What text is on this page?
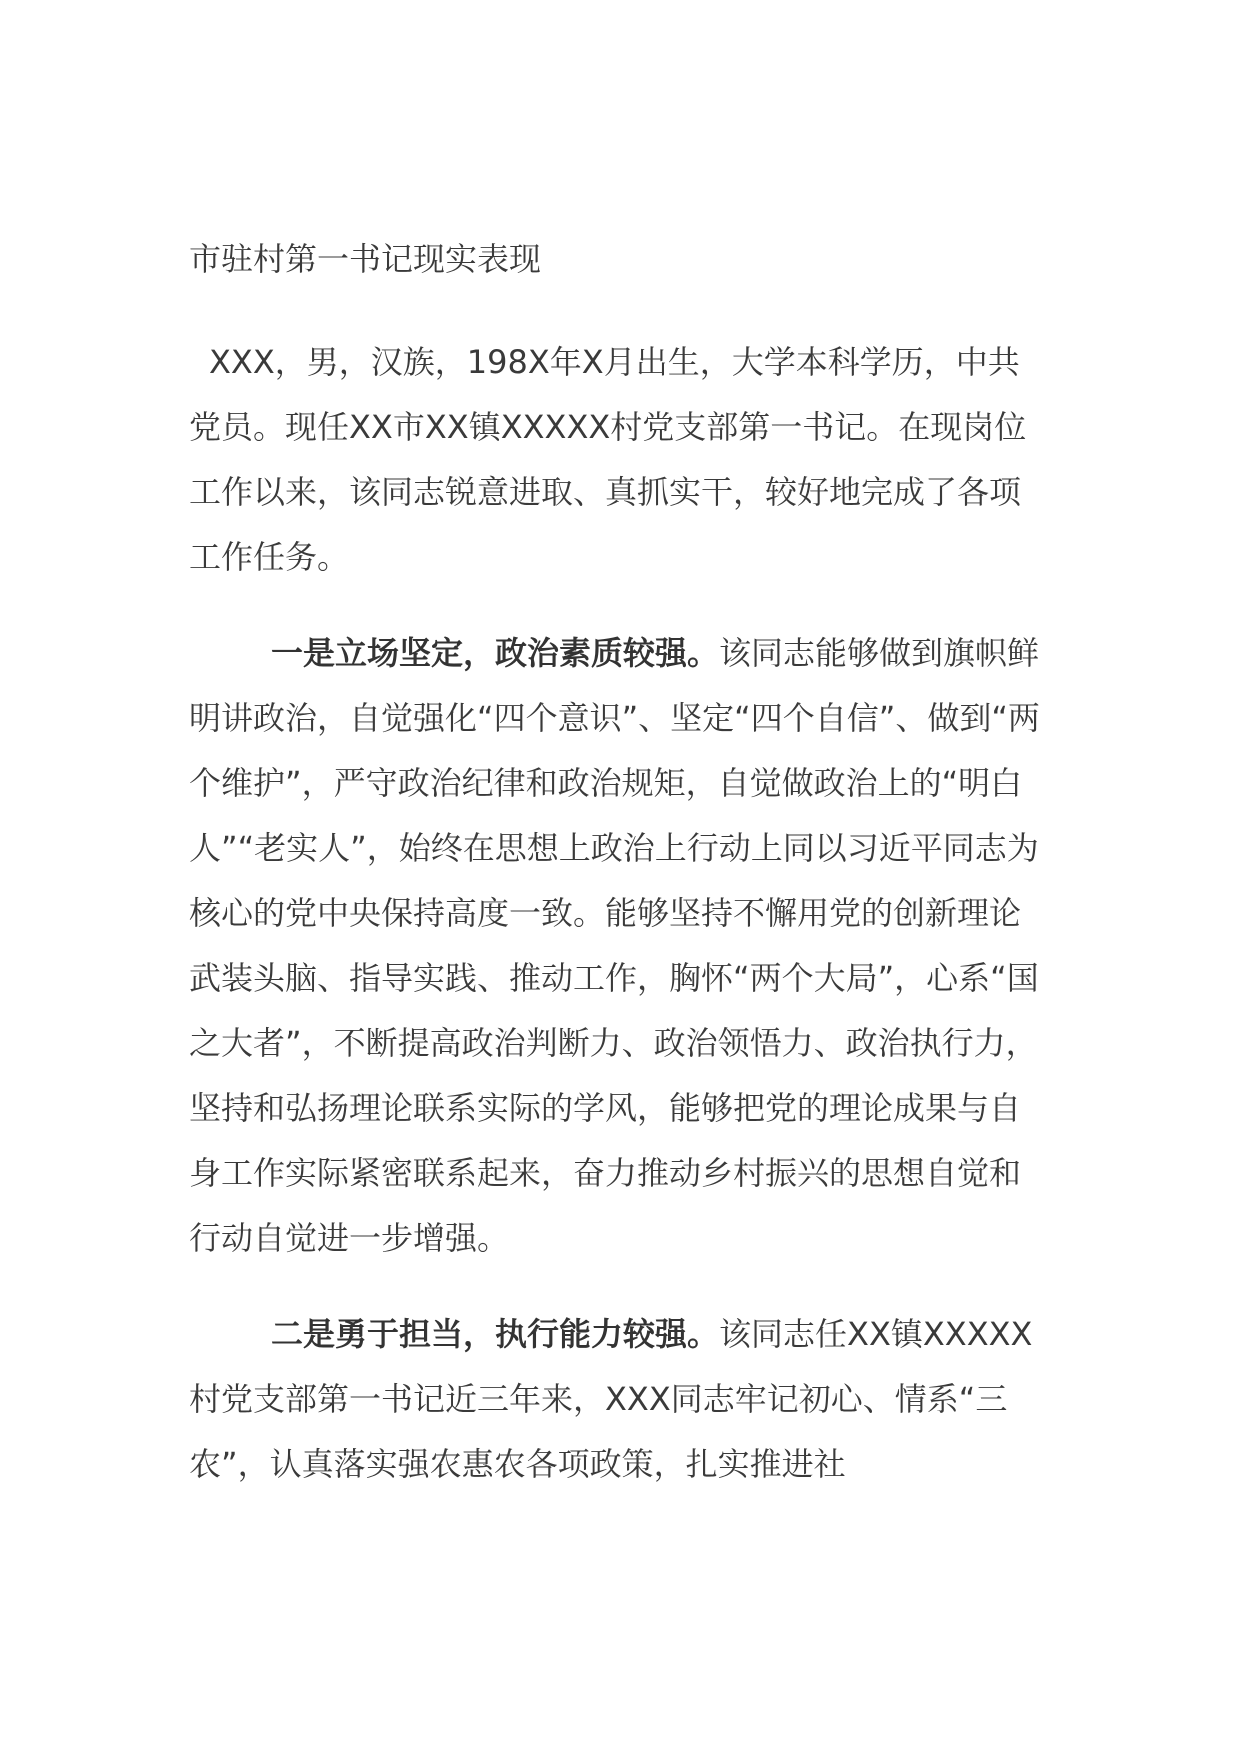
市驻村第一书记现实表现

XXX，男，汉族，198X年X月出生，大学本科学历，中共党员。现任XX市XX镇XXXXX村党支部第一书记。在现岗位工作以来，该同志锐意进取、真抓实干，较好地完成了各项工作任务。

一是立场坚定，政治素质较强。该同志能够做到旗帜鲜明讲政治，自觉强化“四个意识”、坚定“四个自信”、做到“两个维护”，严守政治纪律和政治规矩，自觉做政治上的“明白人”“老实人”，始终在思想上政治上行动上同以习近平同志为核心的党中央保持高度一致。能够坚持不懈用党的创新理论武装头脑、指导实践、推动工作，胸怀“两个大局”，心系“国之大者”，不断提高政治判断力、政治领悟力、政治执行力，坚持和弘扬理论联系实际的学风，能够把党的理论成果与自身工作实际紧密联系起来，奋力推动乡村振兴的思想自觉和行动自觉进一步增强。

二是勇于担当，执行能力较强。该同志任XX镇XXXXX村党支部第一书记近三年来，XXX同志牢记初心、情系“三农”，认真落实强农惠农各项政策，扎实推进社
